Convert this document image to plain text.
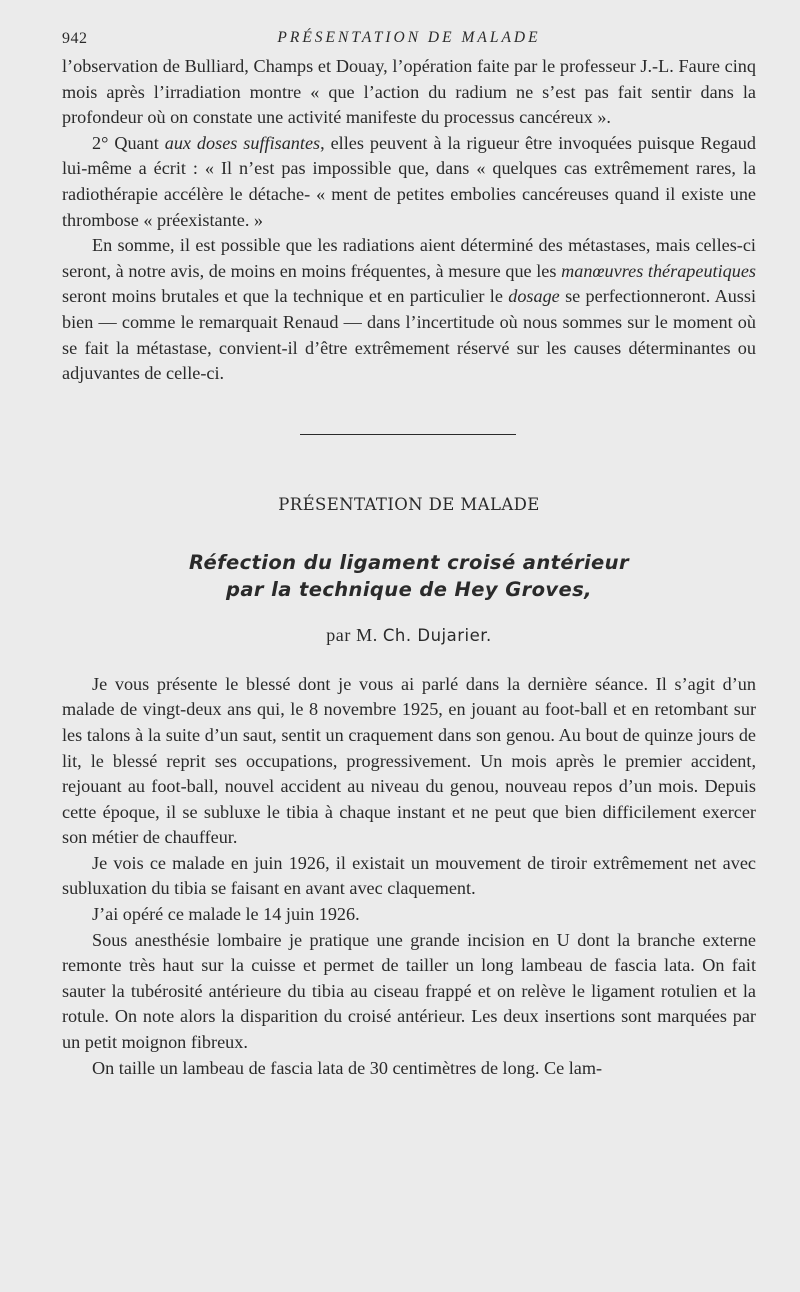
942	PRÉSENTATION DE MALADE

l’observation de Bulliard, Champs et Douay, l’opération faite par le professeur J.-L. Faure cinq mois après l’irradiation montre « que l’action du radium ne s’est pas fait sentir dans la profondeur où on constate une activité manifeste du processus cancéreux ».

2° Quant aux doses suffisantes, elles peuvent à la rigueur être invoquées puisque Regaud lui-même a écrit : « Il n’est pas impossible que, dans « quelques cas extrêmement rares, la radiothérapie accélère le détache- « ment de petites embolies cancéreuses quand il existe une thrombose « préexistante. »

En somme, il est possible que les radiations aient déterminé des métastases, mais celles-ci seront, à notre avis, de moins en moins fréquentes, à mesure que les manœuvres thérapeutiques seront moins brutales et que la technique et en particulier le dosage se perfectionneront. Aussi bien — comme le remarquait Renaud — dans l’incertitude où nous sommes sur le moment où se fait la métastase, convient-il d’être extrêmement réservé sur les causes déterminantes ou adjuvantes de celle-ci.

PRÉSENTATION DE MALADE
Réfection du ligament croisé antérieur
par la technique de Hey Groves,
par M. Ch. Dujarier.

Je vous présente le blessé dont je vous ai parlé dans la dernière séance. Il s’agit d’un malade de vingt-deux ans qui, le 8 novembre 1925, en jouant au foot-ball et en retombant sur les talons à la suite d’un saut, sentit un craquement dans son genou. Au bout de quinze jours de lit, le blessé reprit ses occupations, progressivement. Un mois après le premier accident, rejouant au foot-ball, nouvel accident au niveau du genou, nouveau repos d’un mois. Depuis cette époque, il se subluxe le tibia à chaque instant et ne peut que bien difficilement exercer son métier de chauffeur.

Je vois ce malade en juin 1926, il existait un mouvement de tiroir extrêmement net avec subluxation du tibia se faisant en avant avec claquement.

J’ai opéré ce malade le 14 juin 1926.

Sous anesthésie lombaire je pratique une grande incision en U dont la branche externe remonte très haut sur la cuisse et permet de tailler un long lambeau de fascia lata. On fait sauter la tubérosité antérieure du tibia au ciseau frappé et on relève le ligament rotulien et la rotule. On note alors la disparition du croisé antérieur. Les deux insertions sont marquées par un petit moignon fibreux.

On taille un lambeau de fascia lata de 30 centimètres de long. Ce lam-
